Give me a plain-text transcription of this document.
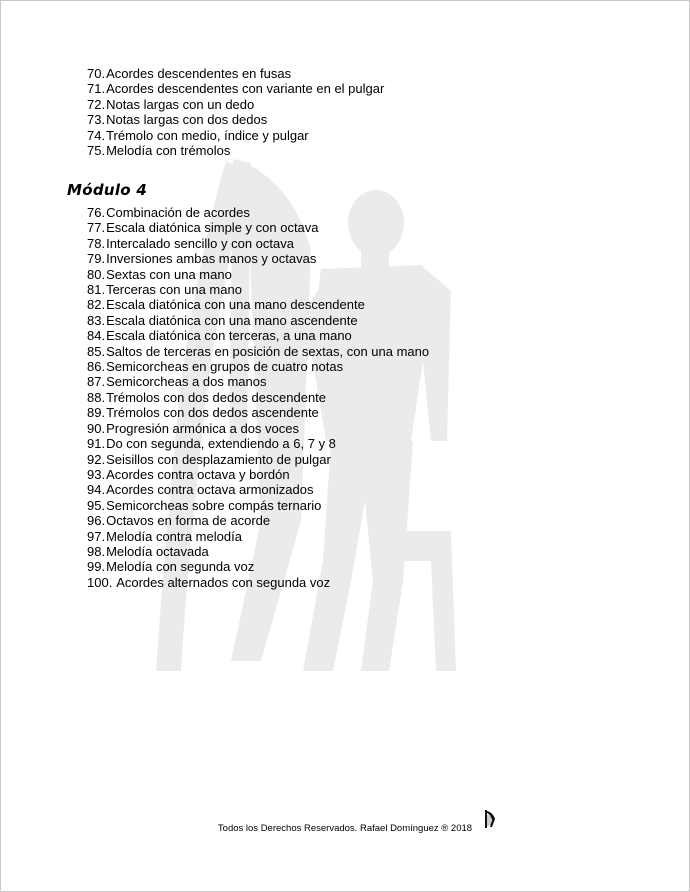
70.Acordes descendentes en fusas
71.Acordes descendentes con variante en el pulgar
72.Notas largas con un dedo
73.Notas largas con dos dedos
74.Trémolo con medio, índice y pulgar
75.Melodía con trémolos
Módulo 4
76.Combinación de acordes
77.Escala diatónica simple y con octava
78.Intercalado sencillo y con octava
79.Inversiones ambas manos y octavas
80.Sextas con una mano
81.Terceras con una mano
82.Escala diatónica con una mano descendente
83.Escala diatónica con una mano ascendente
84.Escala diatónica con terceras, a una mano
85.Saltos de terceras en posición de sextas, con una mano
86.Semicorcheas en grupos de cuatro notas
87.Semicorcheas a dos manos
88.Trémolos con dos dedos descendente
89.Trémolos con dos dedos ascendente
90.Progresión armónica a dos voces
91.Do con segunda, extendiendo a 6, 7 y 8
92.Seisillos con desplazamiento de pulgar
93.Acordes contra octava y bordón
94.Acordes contra octava armonizados
95.Semicorcheas sobre compás ternario
96.Octavos en forma de acorde
97.Melodía contra melodía
98.Melodía octavada
99.Melodía con segunda voz
100. Acordes alternados con segunda voz
Todos los Derechos Reservados. Rafael Domínguez ® 2018
